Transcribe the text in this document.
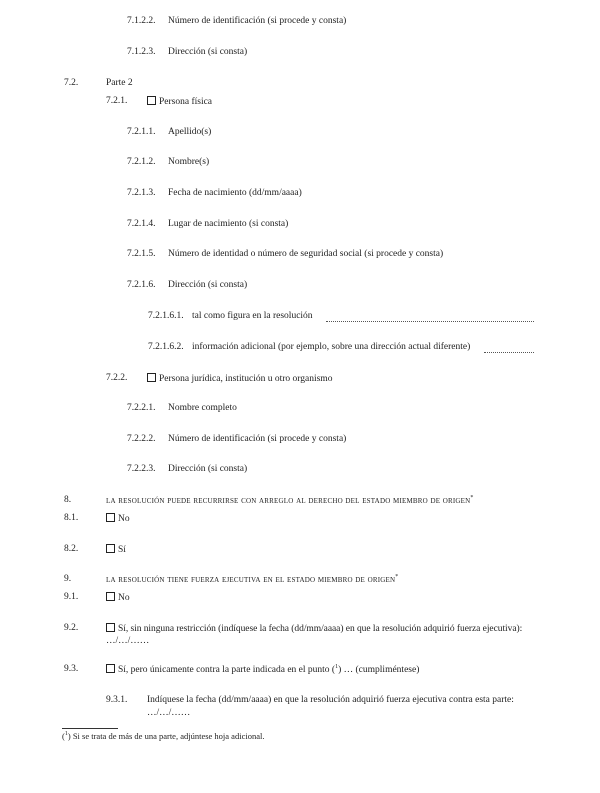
7.1.2.2. Número de identificación (si procede y consta)
7.1.2.3. Dirección (si consta)
7.2.	Parte 2
7.2.1.	Persona física
7.2.1.1. Apellido(s)
7.2.1.2. Nombre(s)
7.2.1.3. Fecha de nacimiento (dd/mm/aaaa)
7.2.1.4. Lugar de nacimiento (si consta)
7.2.1.5. Número de identidad o número de seguridad social (si procede y consta)
7.2.1.6. Dirección (si consta)
7.2.1.6.1. tal como figura en la resolución
7.2.1.6.2. información adicional (por ejemplo, sobre una dirección actual diferente)
7.2.2.	Persona jurídica, institución u otro organismo
7.2.2.1. Nombre completo
7.2.2.2. Número de identificación (si procede y consta)
7.2.2.3. Dirección (si consta)
8.	la resolución puede recurrirse con arreglo al derecho del estado miembro de origen*
8.1.	No
8.2.	Sí
9.	la resolución tiene fuerza ejecutiva en el estado miembro de origen*
9.1.	No
9.2.	Sí, sin ninguna restricción (indíquese la fecha (dd/mm/aaaa) en que la resolución adquirió fuerza ejecutiva):
…/…/……
9.3.	Sí, pero únicamente contra la parte indicada en el punto ($^1$) … (cumpliméntese)
9.3.1. Indíquese la fecha (dd/mm/aaaa) en que la resolución adquirió fuerza ejecutiva contra esta parte:
…/…/……
($^1$) Si se trata de más de una parte, adjúntese hoja adicional.
